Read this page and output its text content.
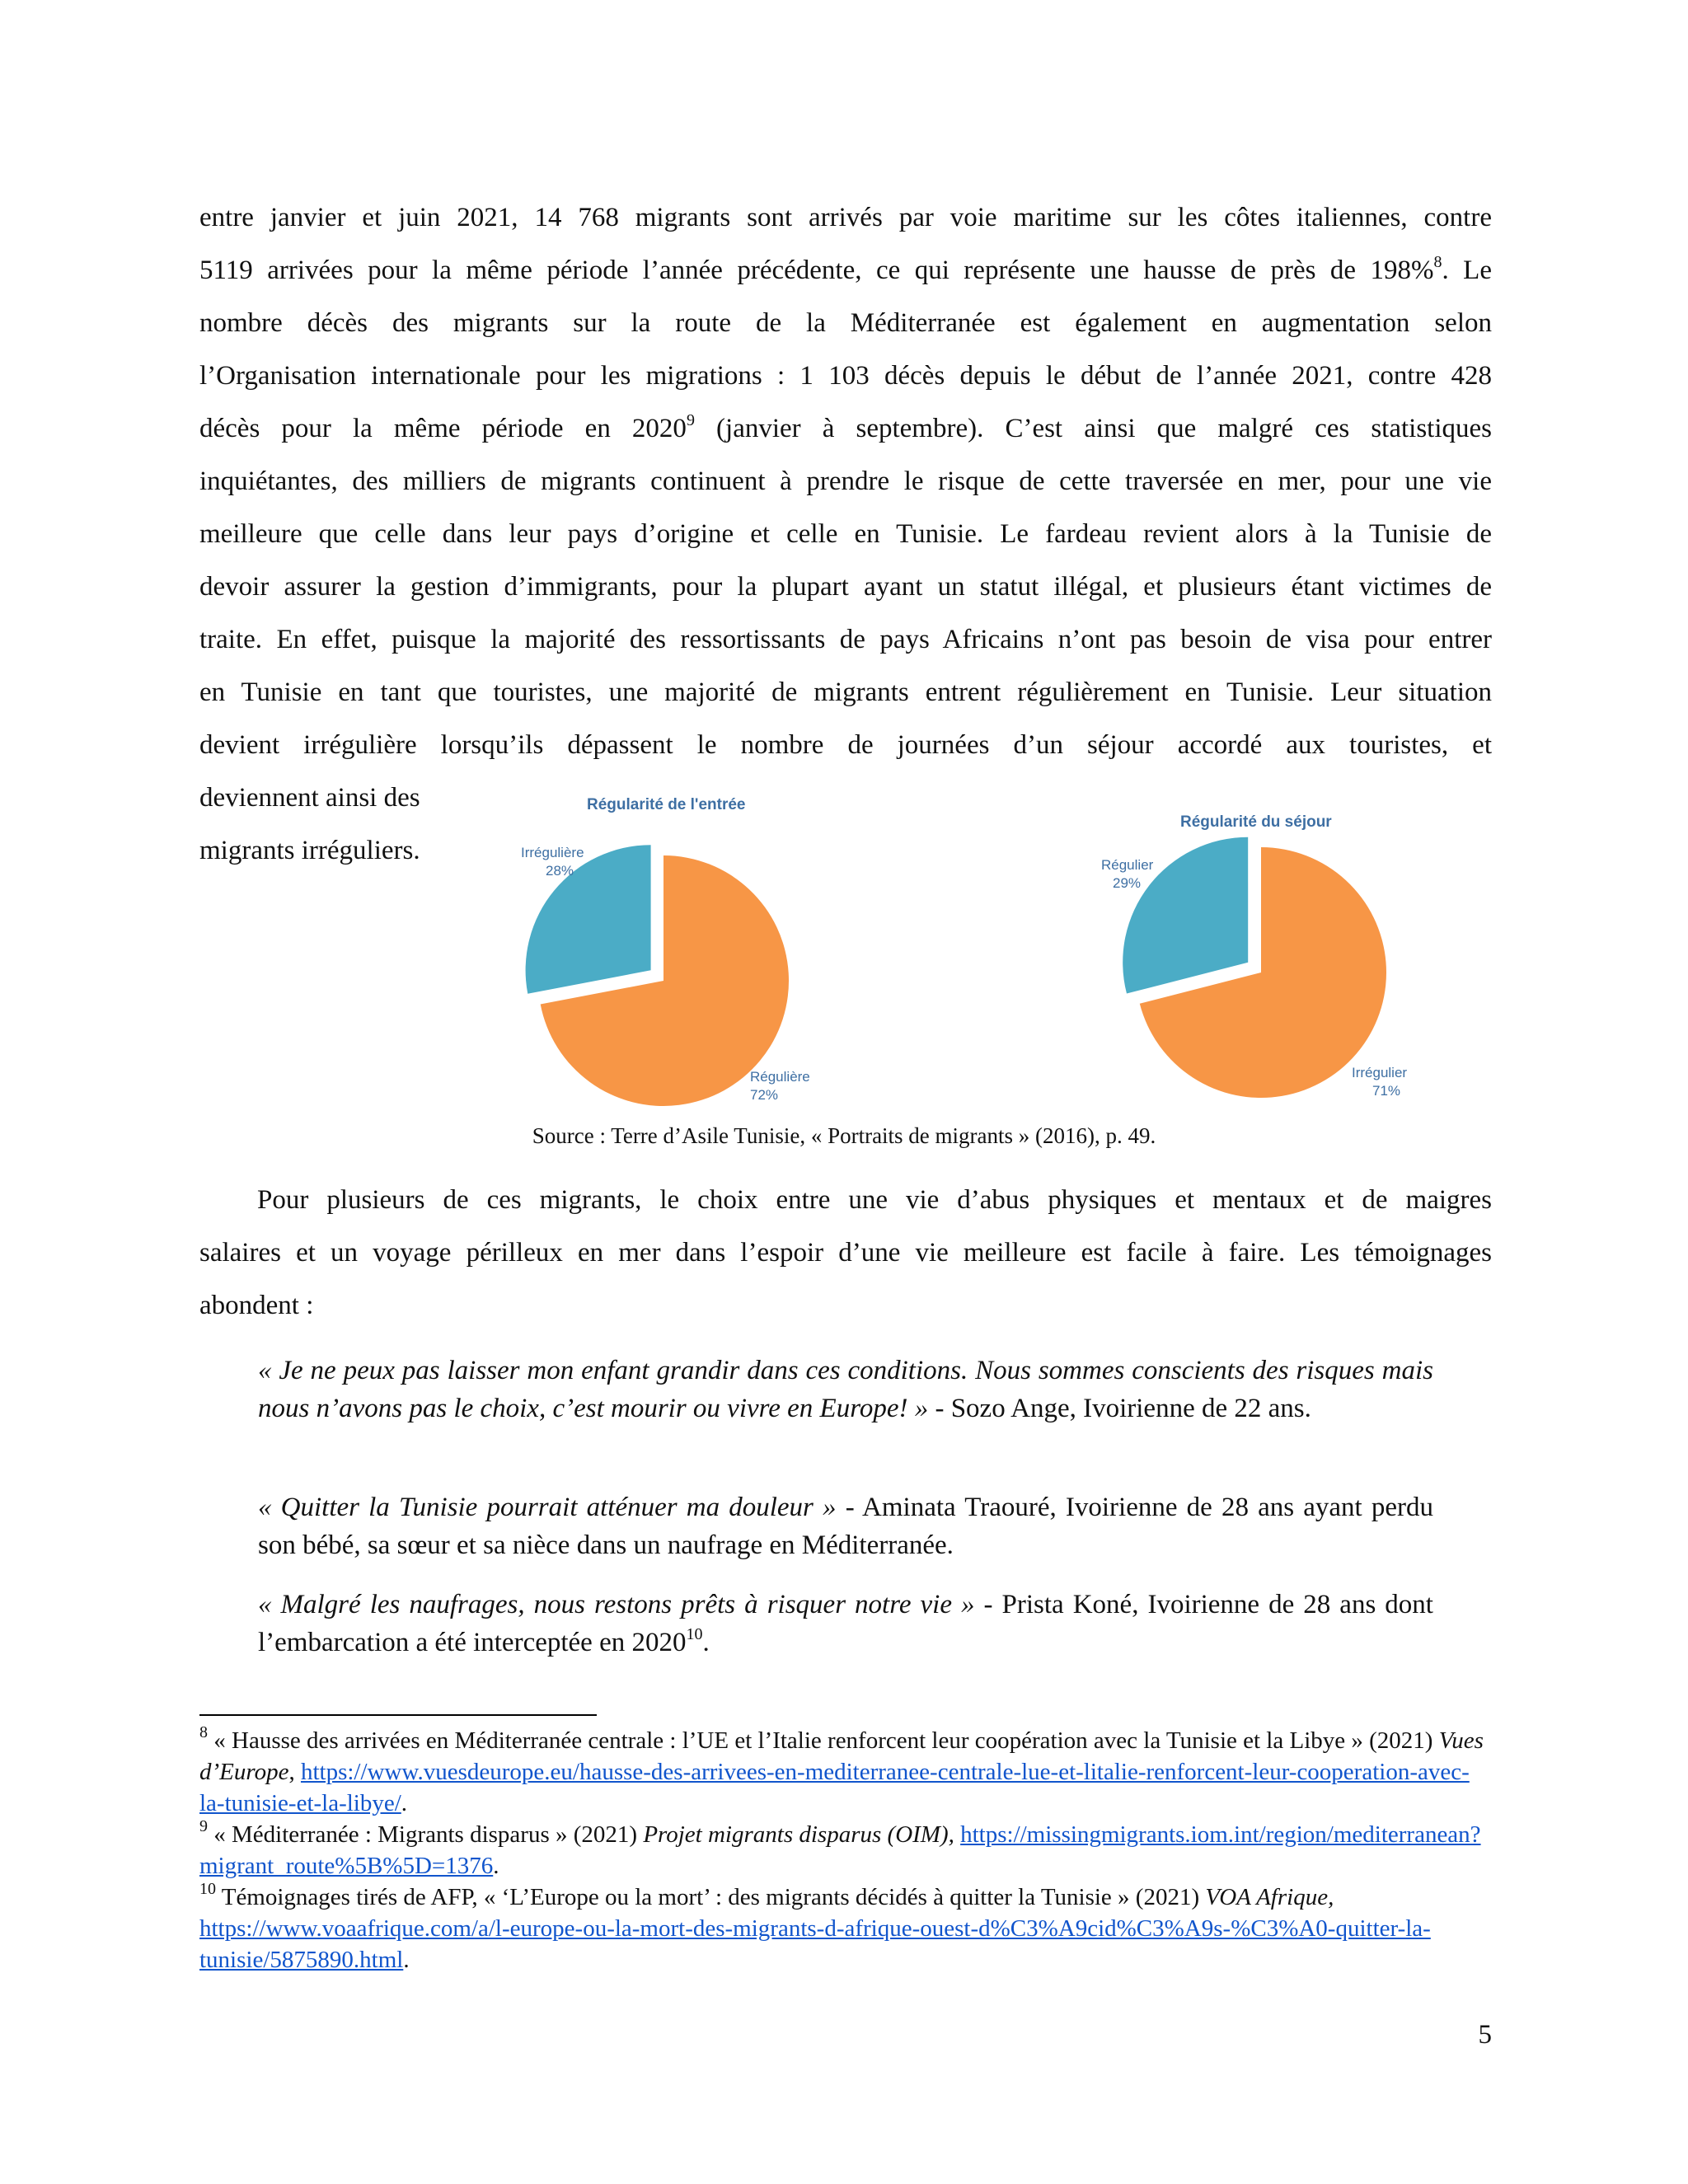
entre janvier et juin 2021, 14 768 migrants sont arrivés par voie maritime sur les côtes italiennes, contre
5119 arrivées pour la même période l’année précédente, ce qui représente une hausse de près de 198%$^8$. Le
nombre décès des migrants sur la route de la Méditerranée est également en augmentation selon
l’Organisation internationale pour les migrations : 1 103 décès depuis le début de l’année 2021, contre 428
décès pour la même période en 2020$^9$ (janvier à septembre). C’est ainsi que malgré ces statistiques
inquiétantes, des milliers de migrants continuent à prendre le risque de cette traversée en mer, pour une vie
meilleure que celle dans leur pays d’origine et celle en Tunisie. Le fardeau revient alors à la Tunisie de
devoir assurer la gestion d’immigrants, pour la plupart ayant un statut illégal, et plusieurs étant victimes de
traite. En effet, puisque la majorité des ressortissants de pays Africains n’ont pas besoin de visa pour entrer
en Tunisie en tant que touristes, une majorité de migrants entrent régulièrement en Tunisie. Leur situation
devient irrégulière lorsqu’ils dépassent le nombre de journées d’un séjour accordé aux touristes, et
deviennent ainsi des
migrants irréguliers.
Régularité de l'entrée
Irrégulière
28%
Régulière
72%
Régularité du séjour
Régulier
29%
Irrégulier
71%
Source : Terre d’Asile Tunisie, « Portraits de migrants » (2016), p. 49.
Pour plusieurs de ces migrants, le choix entre une vie d’abus physiques et mentaux et de maigres
salaires et un voyage périlleux en mer dans l’espoir d’une vie meilleure est facile à faire. Les témoignages
abondent :
« Je ne peux pas laisser mon enfant grandir dans ces conditions. Nous sommes conscients des risques mais nous n’avons pas le choix, c’est mourir ou vivre en Europe! » - Sozo Ange, Ivoirienne de 22 ans.
« Quitter la Tunisie pourrait atténuer ma douleur » - Aminata Traouré, Ivoirienne de 28 ans ayant perdu son bébé, sa sœur et sa nièce dans un naufrage en Méditerranée.
« Malgré les naufrages, nous restons prêts à risquer notre vie » - Prista Koné, Ivoirienne de 28 ans dont l’embarcation a été interceptée en 2020$^{10}$.
$^8$ « Hausse des arrivées en Méditerranée centrale : l’UE et l’Italie renforcent leur coopération avec la Tunisie et la Libye » (2021) Vues d’Europe, https://www.vuesdeurope.eu/hausse-des-arrivees-en-mediterranee-centrale-lue-et-litalie-renforcent-leur-cooperation-avec-la-tunisie-et-la-libye/.
$^9$ « Méditerranée : Migrants disparus » (2021) Projet migrants disparus (OIM), https://missingmigrants.iom.int/region/mediterranean?migrant_route%5B%5D=1376.
$^{10}$ Témoignages tirés de AFP, « ‘L’Europe ou la mort’ : des migrants décidés à quitter la Tunisie » (2021) VOA Afrique, https://www.voaafrique.com/a/l-europe-ou-la-mort-des-migrants-d-afrique-ouest-d%C3%A9cid%C3%A9s-%C3%A0-quitter-la-tunisie/5875890.html.
5
